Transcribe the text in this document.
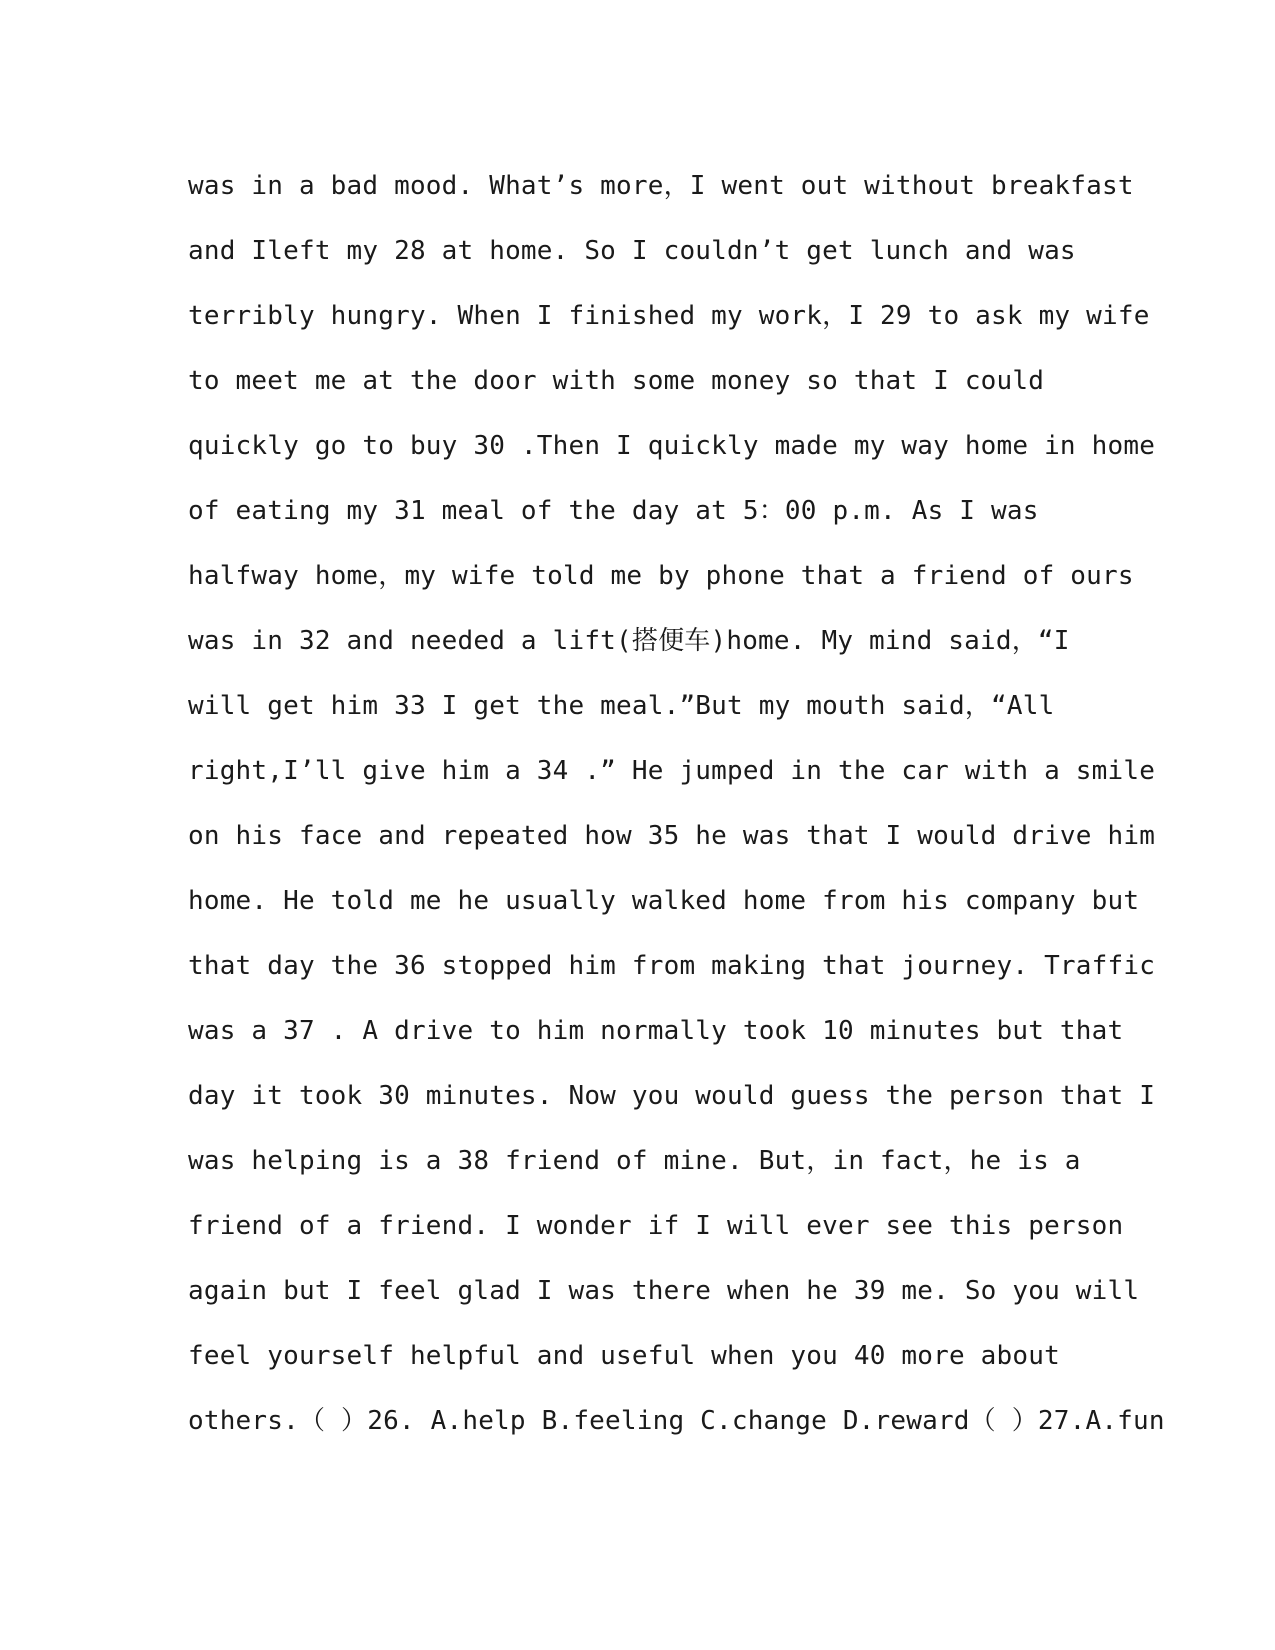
was in a bad mood. What’s more，I went out without breakfast
and Ileft my 28 at home. So I couldn’t get lunch and was
terribly hungry. When I finished my work，I 29 to ask my wife
to meet me at the door with some money so that I could
quickly go to buy 30 .Then I quickly made my way home in home
of eating my 31 meal of the day at 5：00 p.m. As I was
halfway home，my wife told me by phone that a friend of ours
was in 32 and needed a lift(搭便车)home. My mind said，“I
will get him 33 I get the meal.”But my mouth said，“All
right,I’ll give him a 34 .” He jumped in the car with a smile
on his face and repeated how 35 he was that I would drive him
home. He told me he usually walked home from his company but
that day the 36 stopped him from making that journey. Traffic
was a 37 . A drive to him normally took 10 minutes but that
day it took 30 minutes. Now you would guess the person that I
was helping is a 38 friend of mine. But，in fact，he is a
friend of a friend. I wonder if I will ever see this person
again but I feel glad I was there when he 39 me. So you will
feel yourself helpful and useful when you 40 more about
others.（ ）26. A.help B.feeling C.change D.reward（ ）27.A.fun
